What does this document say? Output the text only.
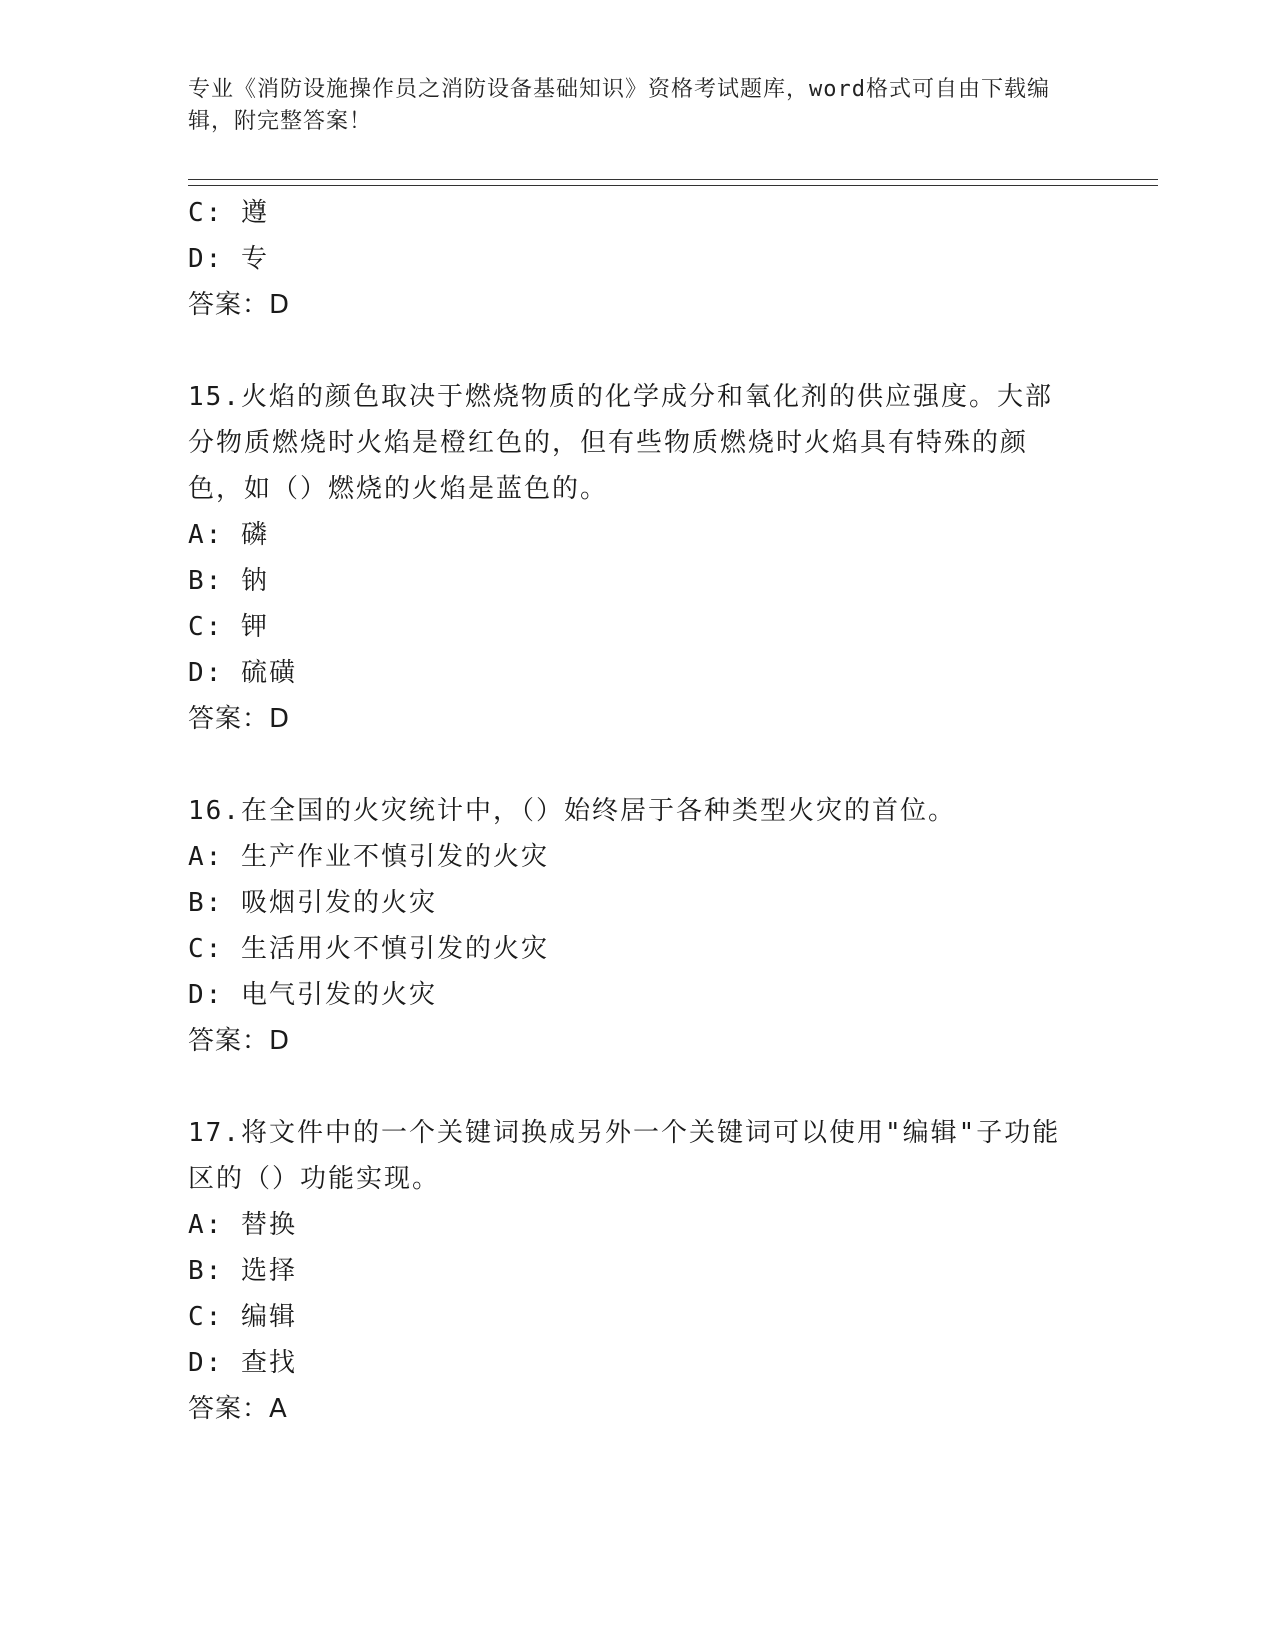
专业《消防设施操作员之消防设备基础知识》资格考试题库，word格式可自由下载编辑，附完整答案！
C: 遵
D: 专
答案：D
15.火焰的颜色取决于燃烧物质的化学成分和氧化剂的供应强度。大部
分物质燃烧时火焰是橙红色的，但有些物质燃烧时火焰具有特殊的颜
色，如（）燃烧的火焰是蓝色的。
A: 磷
B: 钠
C: 钾
D: 硫磺
答案：D
16.在全国的火灾统计中，（）始终居于各种类型火灾的首位。
A: 生产作业不慎引发的火灾
B: 吸烟引发的火灾
C: 生活用火不慎引发的火灾
D: 电气引发的火灾
答案：D
17.将文件中的一个关键词换成另外一个关键词可以使用"编辑"子功能
区的（）功能实现。
A: 替换
B: 选择
C: 编辑
D: 查找
答案：A
